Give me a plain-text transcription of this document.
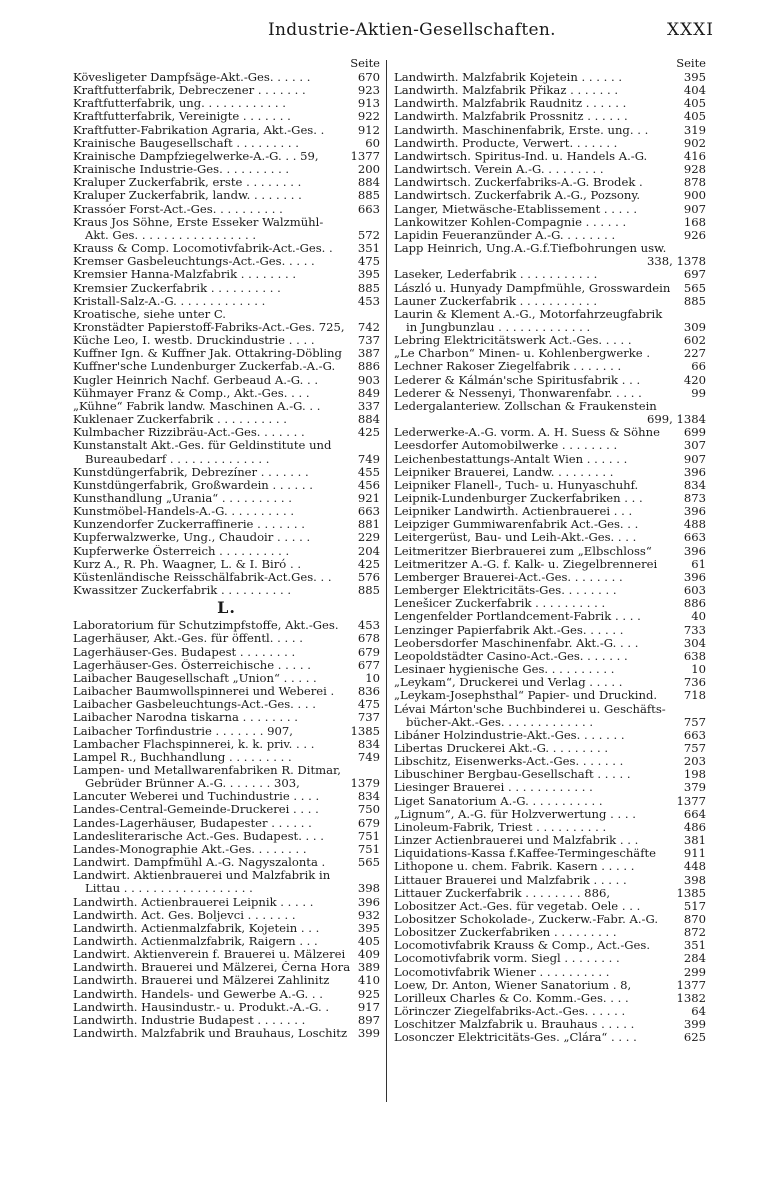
Industrie-Aktien-Gesellschaften.	XXXI
Seite
Kövesligeter Dampfsäge-Akt.-Ges. . . . . .	670
Kraftfutterfabrik, Debreczener . . . . . . .	923
Kraftfutterfabrik, ung. . . . . . . . . . . .	913
Kraftfutterfabrik, Vereinigte . . . . . . .	922
Kraftfutter-Fabrikation Agraria, Akt.-Ges. .	912
Krainische Baugesellschaft . . . . . . . . .	60
Krainische Dampfziegelwerke-A.-G. . . 59,	1377
Krainische Industrie-Ges. . . . . . . . . .	200
Kraluper Zuckerfabrik, erste . . . . . . . .	884
Kraluper Zuckerfabrik, landw. . . . . . . .	885
Krassóer Forst-Act.-Ges. . . . . . . . . .	663
Kraus Jos Söhne, Erste Esseker Walzmühl-
Akt. Ges. . . . . . . . . . . . . . . . .	572
Krauss & Comp. Locomotivfabrik-Act.-Ges. .	351
Kremser Gasbeleuchtungs-Act.-Ges. . . . .	475
Kremsier Hanna-Malzfabrik . . . . . . . .	395
Kremsier Zuckerfabrik . . . . . . . . . .	885
Kristall-Salz-A.-G. . . . . . . . . . . . .	453
Kroatische, siehe unter C.
Kronstädter Papierstoff-Fabriks-Act.-Ges. 725,	742
Küche Leo, I. westb. Druckindustrie . . . .	737
Kuffner Ign. & Kuffner Jak. Ottakring-Döbling	387
Kuffner'sche Lundenburger Zuckerfab.-A.-G.	886
Kugler Heinrich Nachf. Gerbeaud A.-G. . .	903
Kühmayer Franz & Comp., Akt.-Ges. . . .	849
„Kühne“ Fabrik landw. Maschinen A.-G. . .	337
Kuklenaer Zuckerfabrik . . . . . . . . . .	884
Kulmbacher Rizzibräu-Act.-Ges. . . . . . .	425
Kunstanstalt Akt.-Ges. für Geldinstitute und
Bureaubedarf . . . . . . . . . . . . . .	749
Kunstdüngerfabrik, Debrezíner . . . . . . .	455
Kunstdüngerfabrik, Großwardein . . . . . .	456
Kunsthandlung „Urania“ . . . . . . . . . .	921
Kunstmöbel-Handels-A.-G. . . . . . . . . .	663
Kunzendorfer Zuckerraffinerie . . . . . . .	881
Kupferwalzwerke, Ung., Chaudoir . . . . .	229
Kupferwerke Österreich . . . . . . . . . .	204
Kurz A., R. Ph. Waagner, L. & I. Biró . .	425
Küstenländische Reisschälfabrik-Act.Ges. . .	576
Kwassitzer Zuckerfabrik . . . . . . . . . .	885
L.
Laboratorium für Schutzimpfstoffe, Akt.-Ges.	453
Lagerhäuser, Akt.-Ges. für öffentl. . . . .	678
Lagerhäuser-Ges. Budapest . . . . . . . .	679
Lagerhäuser-Ges. Österreichische . . . . .	677
Laibacher Baugesellschaft „Union“ . . . . .	10
Laibacher Baumwollspinnerei und Weberei .	836
Laibacher Gasbeleuchtungs-Act.-Ges. . . .	475
Laibacher Narodna tiskarna . . . . . . . .	737
Laibacher Torfindustrie . . . . . . . 907,	1385
Lambacher Flachspinnerei, k. k. priv. . . .	834
Lampel R., Buchhandlung . . . . . . . . .	749
Lampen- und Metallwarenfabriken R. Ditmar,
Gebrüder Brünner A.-G. . . . . . . 303,	1379
Lancuter Weberei und Tuchindustrie . . . .	834
Landes-Central-Gemeinde-Druckerei . . . .	750
Landes-Lagerhäuser, Budapester . . . . . .	679
Landesliterarische Act.-Ges. Budapest. . . .	751
Landes-Monographie Akt.-Ges. . . . . . . .	751
Landwirt. Dampfmühl A.-G. Nagyszalonta .	565
Landwirt. Aktienbrauerei und Malzfabrik in
Littau . . . . . . . . . . . . . . . . . .	398
Landwirth. Actienbrauerei Leipnik . . . . .	396
Landwirth. Act. Ges. Boljevci . . . . . . .	932
Landwirth. Actienmalzfabrik, Kojetein . . .	395
Landwirth. Actienmalzfabrik, Raigern . . .	405
Landwirt. Aktienverein f. Brauerei u. Mälzerei	409
Landwirth. Brauerei und Mälzerei, Černa Hora 389
Landwirth. Brauerei und Mälzerei Zahlinitz	410
Landwirth. Handels- und Gewerbe A.-G. . .	925
Landwirth. Hausindustr.- u. Produkt.-A.-G. .	917
Landwirth. Industrie Budapest . . . . . . .	897
Landwirth. Malzfabrik und Brauhaus, Loschitz 399
Seite
Landwirth. Malzfabrik Kojetein . . . . . .	395
Landwirth. Malzfabrik Přikaz . . . . . . .	404
Landwirth. Malzfabrik Raudnitz . . . . . .	405
Landwirth. Malzfabrik Prossnitz . . . . . .	405
Landwirth. Maschinenfabrik, Erste. ung. . .	319
Landwirth. Producte, Verwert. . . . . . .	902
Landwirtsch. Spiritus-Ind. u. Handels A.-G.	416
Landwirtsch. Verein A.-G. . . . . . . . .	928
Landwirtsch. Zuckerfabriks-A.-G. Brodek .	878
Landwirtsch. Zuckerfabrik A.-G., Pozsony.	900
Langer, Mietwäsche-Etablissement . . . . .	907
Lankowitzer Kohlen-Compagnie . . . . . .	168
Lapidin Feueranzünder A.-G. . . . . . . .	926
Lapp Heinrich, Ung.A.-G.f.Tiefbohrungen usw.
338, 1378
Laseker, Lederfabrik . . . . . . . . . . .	697
László u. Hunyady Dampfmühle, Grosswardein	565
Launer Zuckerfabrik . . . . . . . . . . .	885
Laurin & Klement A.-G., Motorfahrzeugfabrik
in Jungbunzlau . . . . . . . . . . . . .	309
Lebring Elektricitätswerk Act.-Ges. . . . .	602
„Le Charbon“ Minen- u. Kohlenbergwerke .	227
Lechner Rakoser Ziegelfabrik . . . . . . .	66
Lederer & Kálmán'sche Spiritusfabrik . . .	420
Lederer & Nessenyi, Thonwarenfabr. . . . .	99
Ledergalanteriew. Zollschan & Fraukenstein
699, 1384
Lederwerke-A.-G. vorm. A. H. Suess & Söhne	699
Leesdorfer Automobilwerke . . . . . . . .	307
Leichenbestattungs-Antalt Wien . . . . . .	907
Leipniker Brauerei, Landw. . . . . . . . .	396
Leipniker Flanell-, Tuch- u. Hunyaschuhf.	834
Leipnik-Lundenburger Zuckerfabriken . . .	873
Leipniker Landwirth. Actienbrauerei . . .	396
Leipziger Gummiwarenfabrik Act.-Ges. . .	488
Leitergerüst, Bau- und Leih-Akt.-Ges. . . .	663
Leitmeritzer Bierbrauerei zum „Elbschloss“	396
Leitmeritzer A.-G. f. Kalk- u. Ziegelbrennerei	61
Lemberger Brauerei-Act.-Ges. . . . . . . .	396
Lemberger Elektricitäts-Ges. . . . . . . .	603
Lenešicer Zuckerfabrik . . . . . . . . . .	886
Lengenfelder Portlandcement-Fabrik . . . .	40
Lenzinger Papierfabrik Akt.-Ges. . . . . .	733
Leobersdorfer Maschinenfabr. Akt.-G. . . .	304
Leopoldstädter Casino-Act.-Ges. . . . . . .	638
Lesinaer hygienische Ges. . . . . . . . . .	10
„Leykam“, Druckerei und Verlag . . . . .	736
„Leykam-Josephsthal“ Papier- und Druckind.	718
Lévai Márton'sche Buchbinderei u. Geschäfts-
bücher-Akt.-Ges. . . . . . . . . . . . .	757
Libáner Holzindustrie-Akt.-Ges. . . . . . .	663
Libertas Druckerei Akt.-G. . . . . . . . .	757
Libschitz, Eisenwerks-Act.-Ges. . . . . . .	203
Libuschiner Bergbau-Gesellschaft . . . . .	198
Liesinger Brauerei . . . . . . . . . . . .	379
Liget Sanatorium A.-G. . . . . . . . . . .	1377
„Lignum“, A.-G. für Holzverwertung . . . .	664
Linoleum-Fabrik, Triest . . . . . . . . . .	486
Linzer Actienbrauerei und Malzfabrik . . .	381
Liquidations-Kassa f.Kaffee-Termingeschäfte	911
Lithopone u. chem. Fabrik. Kasern . . . . .	448
Littauer Brauerei und Malzfabrik . . . . .	398
Littauer Zuckerfabrik . . . . . . . . 886,	1385
Lobositzer Act.-Ges. für vegetab. Oele . . .	517
Lobositzer Schokolade-, Zuckerw.-Fabr. A.-G.	870
Lobositzer Zuckerfabriken . . . . . . . . .	872
Locomotivfabrik Krauss & Comp., Act.-Ges.	351
Locomotivfabrik vorm. Siegl . . . . . . . .	284
Locomotivfabrik Wiener . . . . . . . . . .	299
Loew, Dr. Anton, Wiener Sanatorium . 8,	1377
Lorilleux Charles & Co. Komm.-Ges. . . .	1382
Lörinczer Ziegelfabriks-Act.-Ges. . . . . .	64
Loschitzer Malzfabrik u. Brauhaus . . . . .	399
Losonczer Elektricitäts-Ges. „Clára“ . . . .	625
